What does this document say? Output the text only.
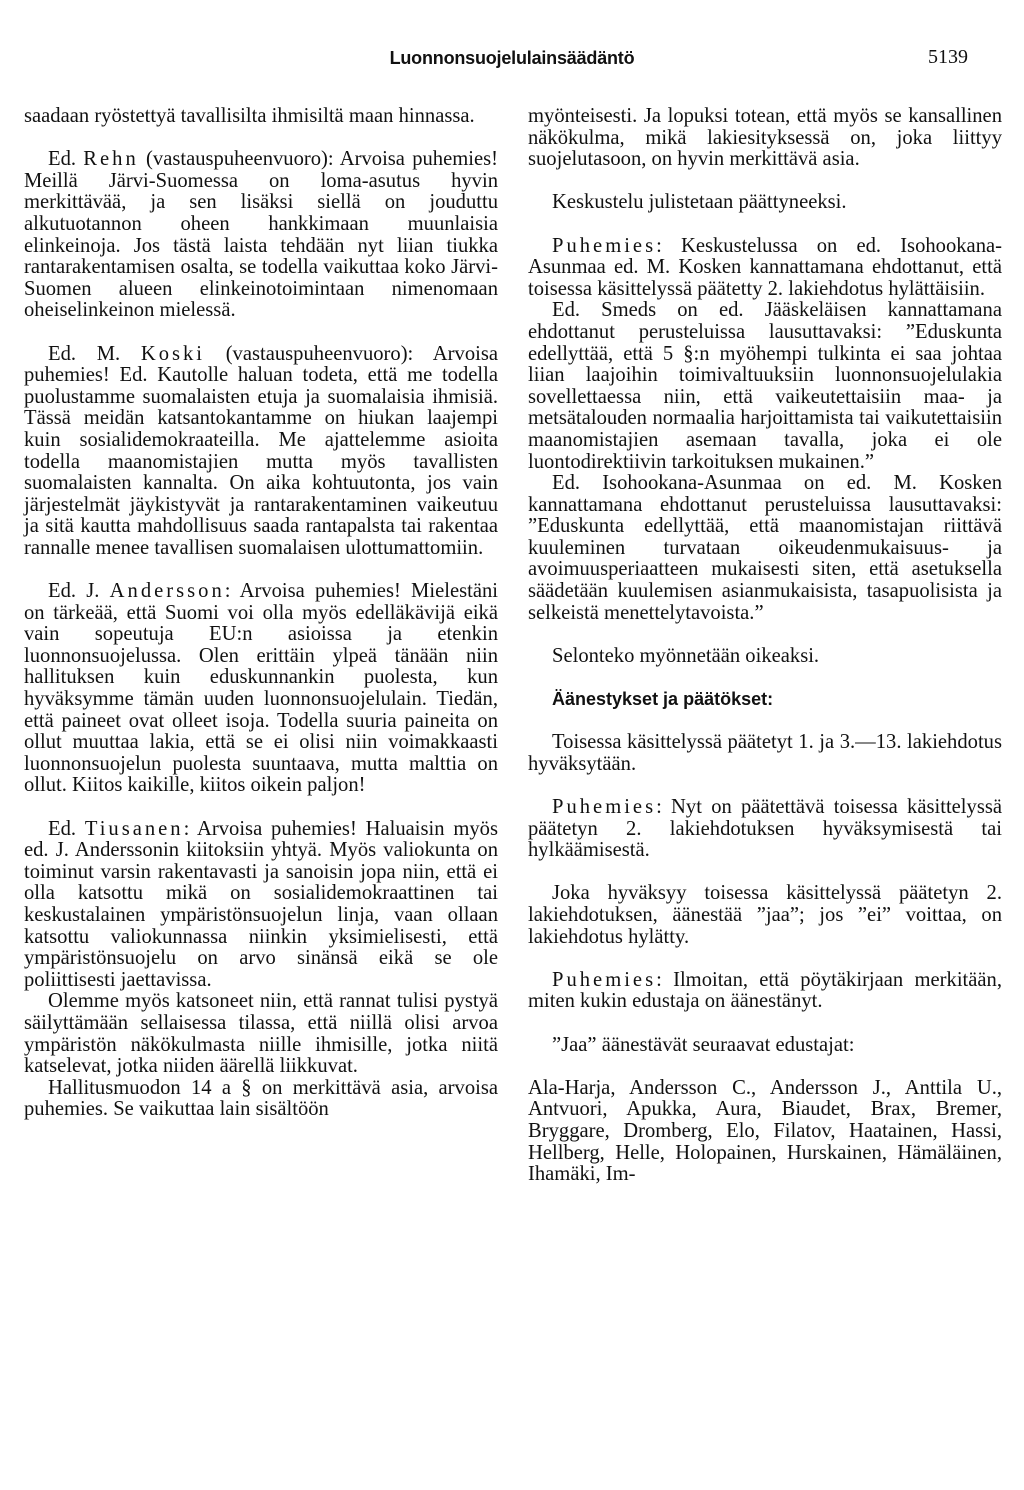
Luonnonsuojelulainsäädäntö	5139

saadaan ryöstettyä tavallisilta ihmisiltä maan hinnassa.

Ed. Rehn (vastauspuheenvuoro): Arvoisa puhemies! Meillä Järvi-Suomessa on loma-asutus hyvin merkittävää, ja sen lisäksi siellä on jouduttu alkutuotannon oheen hankkimaan muunlaisia elinkeinoja. Jos tästä laista tehdään nyt liian tiukka rantarakentamisen osalta, se todella vaikuttaa koko Järvi-Suomen alueen elinkeinotoimintaan nimenomaan oheiselinkeinon mielessä.

Ed. M. Koski (vastauspuheenvuoro): Arvoisa puhemies! Ed. Kautolle haluan todeta, että me todella puolustamme suomalaisten etuja ja suomalaisia ihmisiä. Tässä meidän katsantokantamme on hiukan laajempi kuin sosialidemokraateilla. Me ajattelemme asioita todella maanomistajien mutta myös tavallisten suomalaisten kannalta. On aika kohtuutonta, jos vain järjestelmät jäykistyvät ja rantarakentaminen vaikeutuu ja sitä kautta mahdollisuus saada rantapalsta tai rakentaa rannalle menee tavallisen suomalaisen ulottumattomiin.

Ed. J. Andersson: Arvoisa puhemies! Mielestäni on tärkeää, että Suomi voi olla myös edelläkävijä eikä vain sopeutuja EU:n asioissa ja etenkin luonnonsuojelussa. Olen erittäin ylpeä tänään niin hallituksen kuin eduskunnankin puolesta, kun hyväksymme tämän uuden luonnonsuojelulain. Tiedän, että paineet ovat olleet isoja. Todella suuria paineita on ollut muuttaa lakia, että se ei olisi niin voimakkaasti luonnonsuojelun puolesta suuntaava, mutta malttia on ollut. Kiitos kaikille, kiitos oikein paljon!

Ed. Tiusanen: Arvoisa puhemies! Haluaisin myös ed. J. Anderssonin kiitoksiin yhtyä. Myös valiokunta on toiminut varsin rakentavasti ja sanoisin jopa niin, että ei olla katsottu mikä on sosialidemokraattinen tai keskustalainen ympäristönsuojelun linja, vaan ollaan katsottu valiokunnassa niinkin yksimielisesti, että ympäristönsuojelu on arvo sinänsä eikä se ole poliittisesti jaettavissa.

Olemme myös katsoneet niin, että rannat tulisi pystyä säilyttämään sellaisessa tilassa, että niillä olisi arvoa ympäristön näkökulmasta niille ihmisille, jotka niitä katselevat, jotka niiden äärellä liikkuvat.

Hallitusmuodon 14 a § on merkittävä asia, arvoisa puhemies. Se vaikuttaa lain sisältöön

myönteisesti. Ja lopuksi totean, että myös se kansallinen näkökulma, mikä lakiesityksessä on, joka liittyy suojelutasoon, on hyvin merkittävä asia.

Keskustelu julistetaan päättyneeksi.

Puhemies: Keskustelussa on ed. Isohookana-Asunmaa ed. M. Kosken kannattamana ehdottanut, että toisessa käsittelyssä päätetty 2. lakiehdotus hylättäisiin.

Ed. Smeds on ed. Jääskeläisen kannattamana ehdottanut perusteluissa lausuttavaksi: ”Eduskunta edellyttää, että 5 §:n myöhempi tulkinta ei saa johtaa liian laajoihin toimivaltuuksiin luonnonsuojelulakia sovellettaessa niin, että vaikeutettaisiin maa- ja metsätalouden normaalia harjoittamista tai vaikutettaisiin maanomistajien asemaan tavalla, joka ei ole luontodirektiivin tarkoituksen mukainen.”

Ed. Isohookana-Asunmaa on ed. M. Kosken kannattamana ehdottanut perusteluissa lausuttavaksi: ”Eduskunta edellyttää, että maanomistajan riittävä kuuleminen turvataan oikeudenmukaisuus- ja avoimuusperiaatteen mukaisesti siten, että asetuksella säädetään kuulemisen asianmukaisista, tasapuolisista ja selkeistä menettelytavoista.”

Selonteko myönnetään oikeaksi.

Äänestykset ja päätökset:

Toisessa käsittelyssä päätetyt 1. ja 3.—13. lakiehdotus hyväksytään.

Puhemies: Nyt on päätettävä toisessa käsittelyssä päätetyn 2. lakiehdotuksen hyväksymisestä tai hylkäämisestä.

Joka hyväksyy toisessa käsittelyssä päätetyn 2. lakiehdotuksen, äänestää ”jaa”; jos ”ei” voittaa, on lakiehdotus hylätty.

Puhemies: Ilmoitan, että pöytäkirjaan merkitään, miten kukin edustaja on äänestänyt.

”Jaa” äänestävät seuraavat edustajat:

Ala-Harja, Andersson C., Andersson J., Anttila U., Antvuori, Apukka, Aura, Biaudet, Brax, Bremer, Bryggare, Dromberg, Elo, Filatov, Haatainen, Hassi, Hellberg, Helle, Holopainen, Hurskainen, Hämäläinen, Ihamäki, Im-
